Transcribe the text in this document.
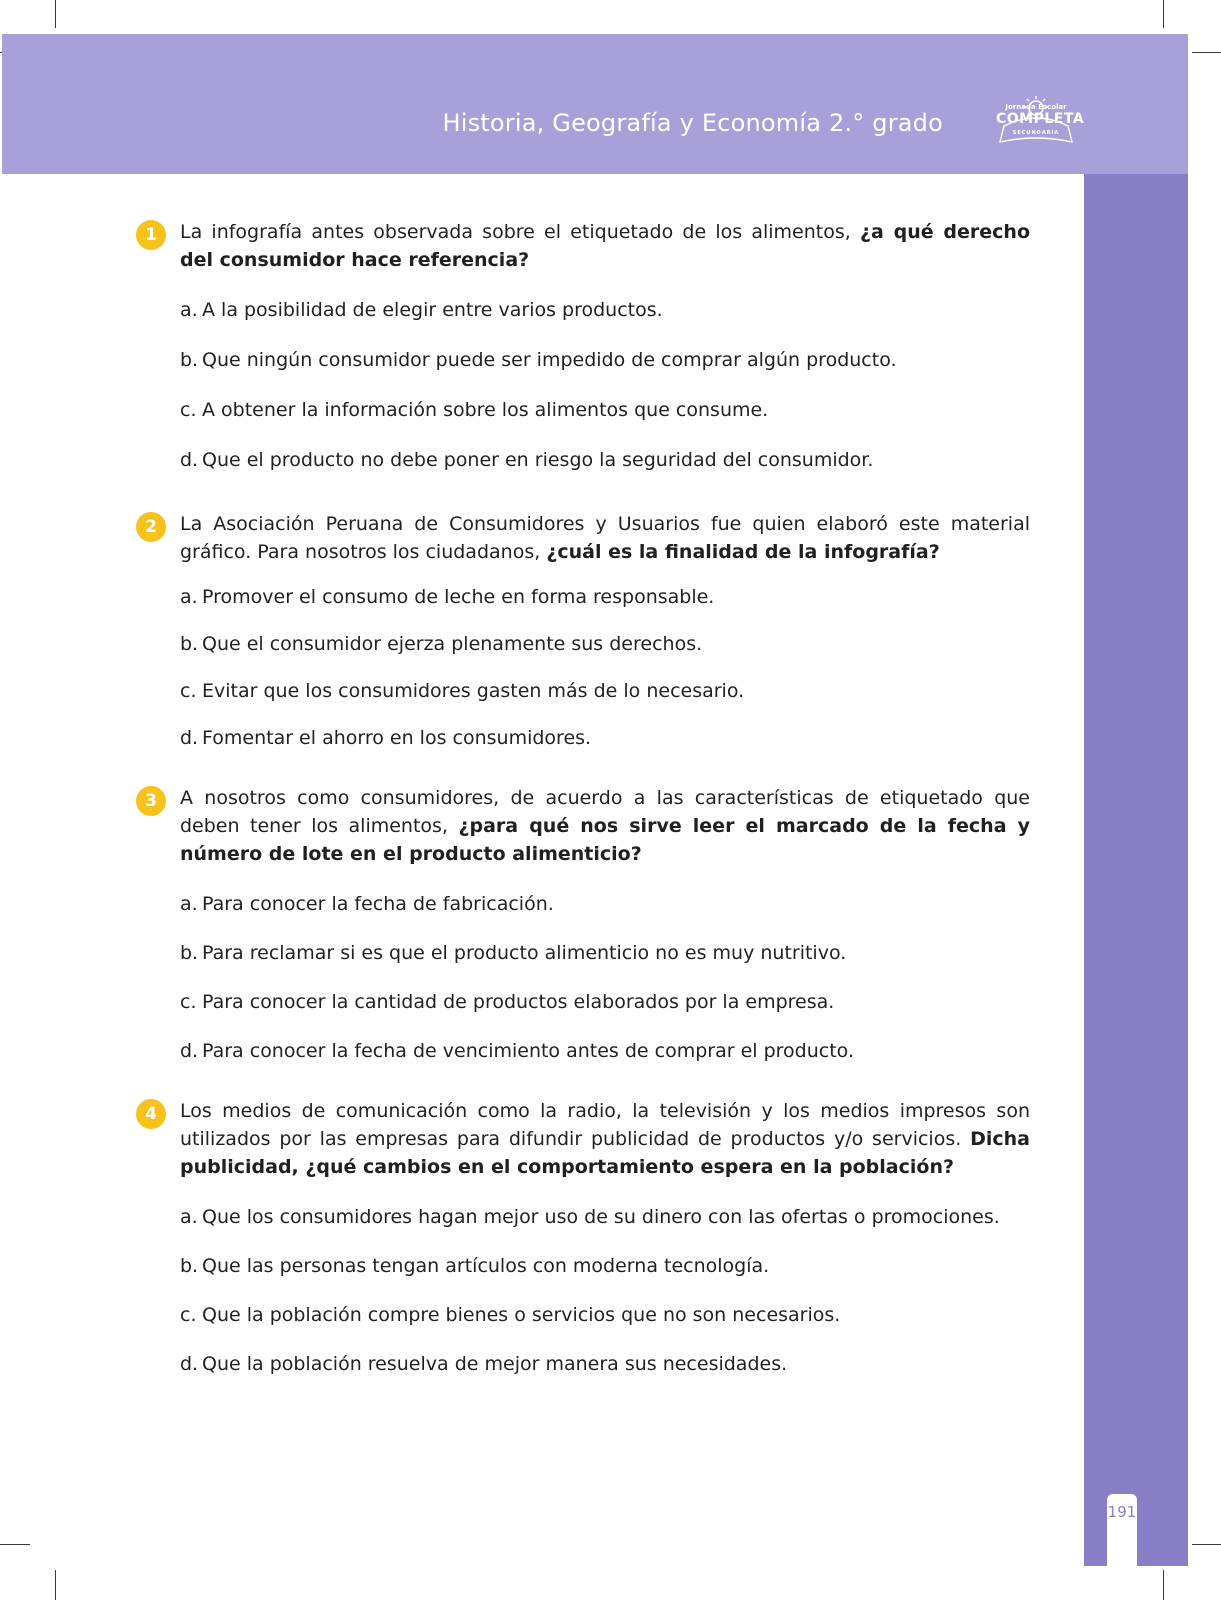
Historia, Geografía y Economía 2.° grado
Jornada Escolar
COMPLETA
SECUNDARIA
191
1	La infografía antes observada sobre el etiquetado de los alimentos, ¿a qué derecho del consumidor hace referencia?

a. A la posibilidad de elegir entre varios productos.

b. Que ningún consumidor puede ser impedido de comprar algún producto.

c. A obtener la información sobre los alimentos que consume.

d. Que el producto no debe poner en riesgo la seguridad del consumidor.

2	La Asociación Peruana de Consumidores y Usuarios fue quien elaboró este material gráfico. Para nosotros los ciudadanos, ¿cuál es la finalidad de la infografía?

a. Promover el consumo de leche en forma responsable.

b. Que el consumidor ejerza plenamente sus derechos.

c. Evitar que los consumidores gasten más de lo necesario.

d. Fomentar el ahorro en los consumidores.

3	A nosotros como consumidores, de acuerdo a las características de etiquetado que deben tener los alimentos, ¿para qué nos sirve leer el marcado de la fecha y número de lote en el producto alimenticio?

a. Para conocer la fecha de fabricación.

b. Para reclamar si es que el producto alimenticio no es muy nutritivo.

c. Para conocer la cantidad de productos elaborados por la empresa.

d. Para conocer la fecha de vencimiento antes de comprar el producto.

4	Los medios de comunicación como la radio, la televisión y los medios impresos son utilizados por las empresas para difundir publicidad de productos y/o servicios. Dicha publicidad, ¿qué cambios en el comportamiento espera en la población?

a. Que los consumidores hagan mejor uso de su dinero con las ofertas o promociones.

b. Que las personas tengan artículos con moderna tecnología.

c. Que la población compre bienes o servicios que no son necesarios.

d. Que la población resuelva de mejor manera sus necesidades.
